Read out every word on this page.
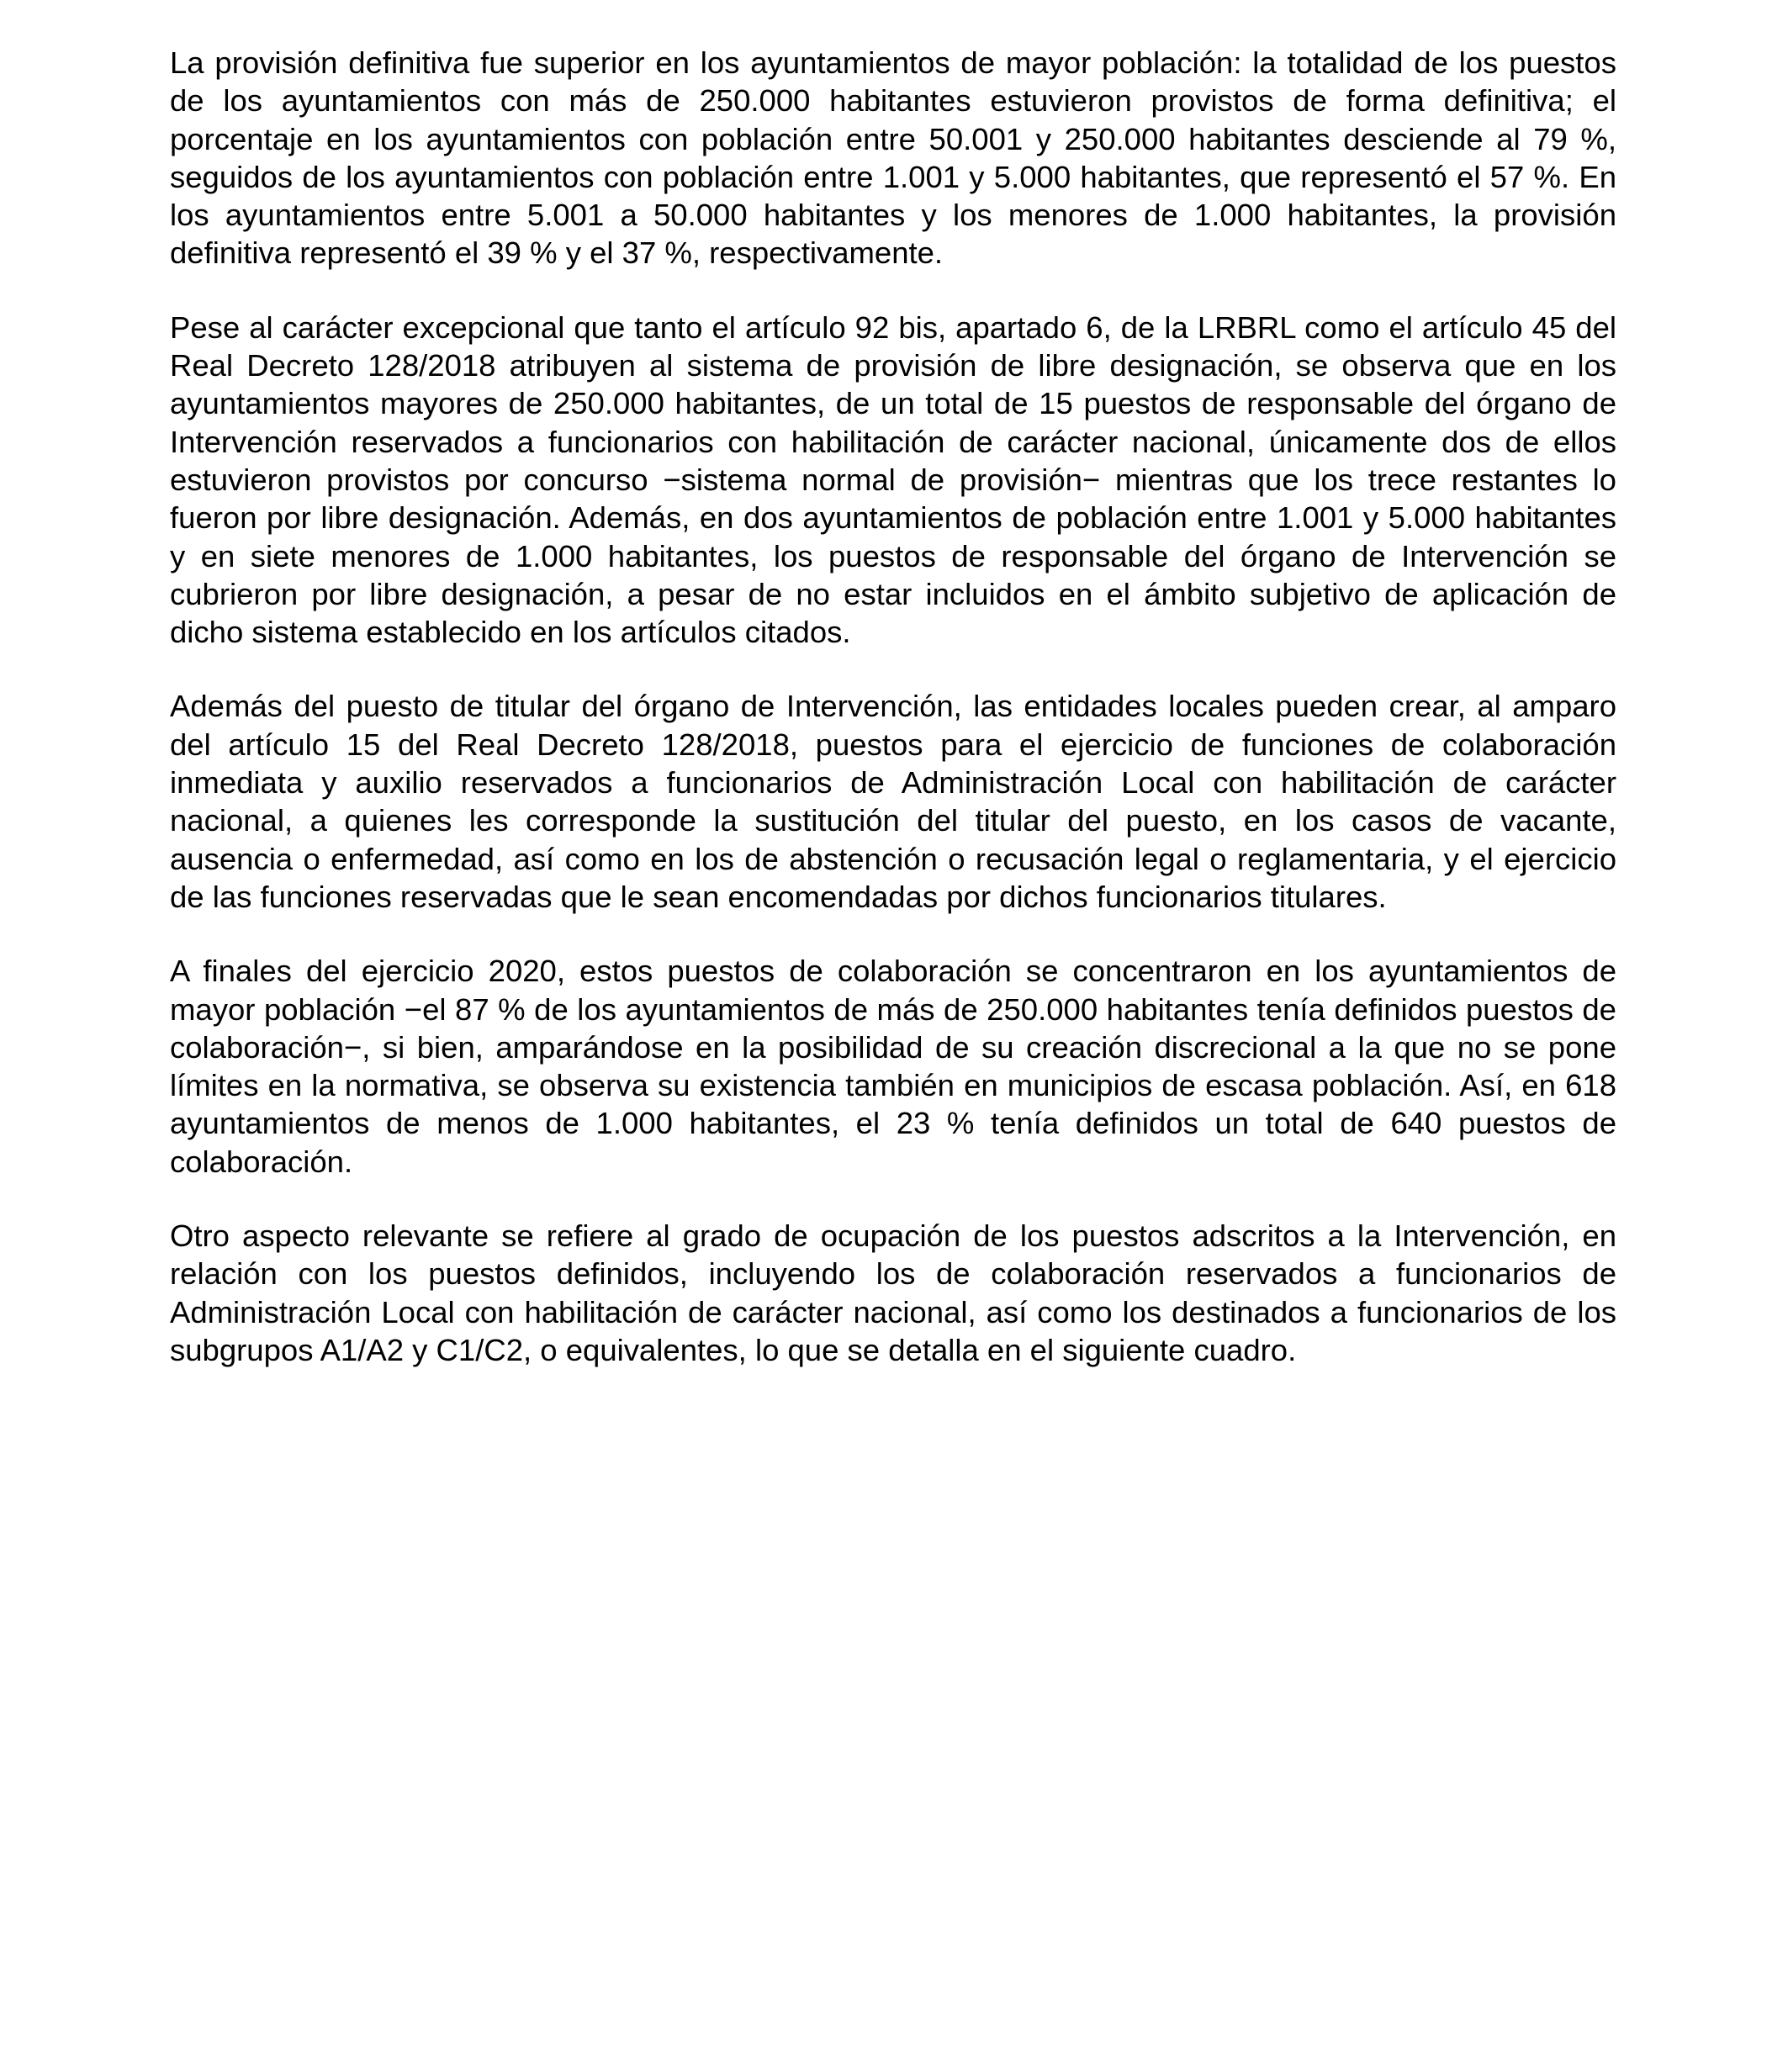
La provisión definitiva fue superior en los ayuntamientos de mayor población: la totalidad de los puestos de los ayuntamientos con más de 250.000 habitantes estuvieron provistos de forma definitiva; el porcentaje en los ayuntamientos con población entre 50.001 y 250.000 habitantes desciende al 79 %, seguidos de los ayuntamientos con población entre 1.001 y 5.000 habitantes, que representó el 57 %. En los ayuntamientos entre 5.001 a 50.000 habitantes y los menores de 1.000 habitantes, la provisión definitiva representó el 39 % y el 37 %, respectivamente.

Pese al carácter excepcional que tanto el artículo 92 bis, apartado 6, de la LRBRL como el artículo 45 del Real Decreto 128/2018 atribuyen al sistema de provisión de libre designación, se observa que en los ayuntamientos mayores de 250.000 habitantes, de un total de 15 puestos de responsable del órgano de Intervención reservados a funcionarios con habilitación de carácter nacional, únicamente dos de ellos estuvieron provistos por concurso −sistema normal de provisión− mientras que los trece restantes lo fueron por libre designación. Además, en dos ayuntamientos de población entre 1.001 y 5.000 habitantes y en siete menores de 1.000 habitantes, los puestos de responsable del órgano de Intervención se cubrieron por libre designación, a pesar de no estar incluidos en el ámbito subjetivo de aplicación de dicho sistema establecido en los artículos citados.

Además del puesto de titular del órgano de Intervención, las entidades locales pueden crear, al amparo del artículo 15 del Real Decreto 128/2018, puestos para el ejercicio de funciones de colaboración inmediata y auxilio reservados a funcionarios de Administración Local con habilitación de carácter nacional, a quienes les corresponde la sustitución del titular del puesto, en los casos de vacante, ausencia o enfermedad, así como en los de abstención o recusación legal o reglamentaria, y el ejercicio de las funciones reservadas que le sean encomendadas por dichos funcionarios titulares.

A finales del ejercicio 2020, estos puestos de colaboración se concentraron en los ayuntamientos de mayor población −el 87 % de los ayuntamientos de más de 250.000 habitantes tenía definidos puestos de colaboración−, si bien, amparándose en la posibilidad de su creación discrecional a la que no se pone límites en la normativa, se observa su existencia también en municipios de escasa población. Así, en 618 ayuntamientos de menos de 1.000 habitantes, el 23 % tenía definidos un total de 640 puestos de colaboración.

Otro aspecto relevante se refiere al grado de ocupación de los puestos adscritos a la Intervención, en relación con los puestos definidos, incluyendo los de colaboración reservados a funcionarios de Administración Local con habilitación de carácter nacional, así como los destinados a funcionarios de los subgrupos A1/A2 y C1/C2, o equivalentes, lo que se detalla en el siguiente cuadro.
